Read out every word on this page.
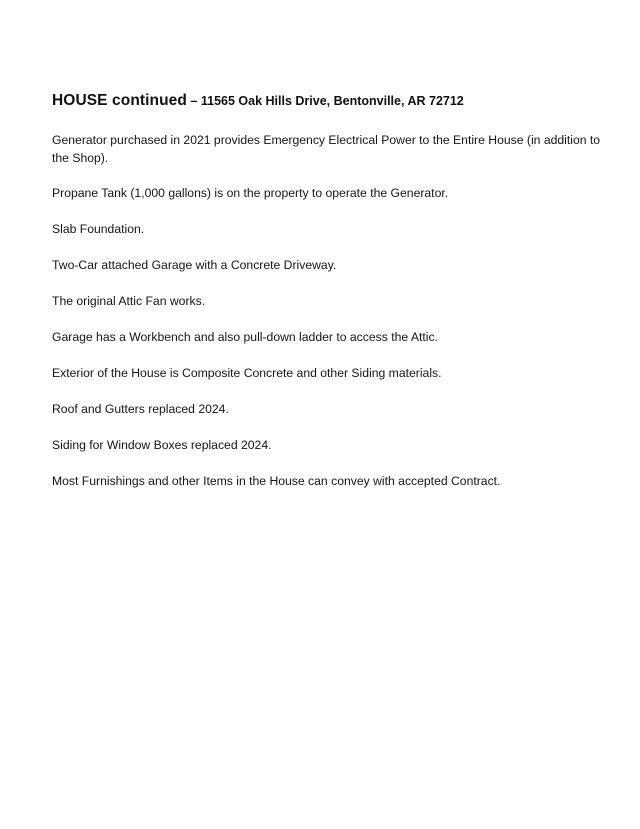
HOUSE continued – 11565 Oak Hills Drive, Bentonville, AR 72712

Generator purchased in 2021 provides Emergency Electrical Power to the Entire House (in addition to the Shop).

Propane Tank (1,000 gallons) is on the property to operate the Generator.

Slab Foundation.

Two-Car attached Garage with a Concrete Driveway.

The original Attic Fan works.

Garage has a Workbench and also pull-down ladder to access the Attic.

Exterior of the House is Composite Concrete and other Siding materials.

Roof and Gutters replaced 2024.

Siding for Window Boxes replaced 2024.

Most Furnishings and other Items in the House can convey with accepted Contract.
